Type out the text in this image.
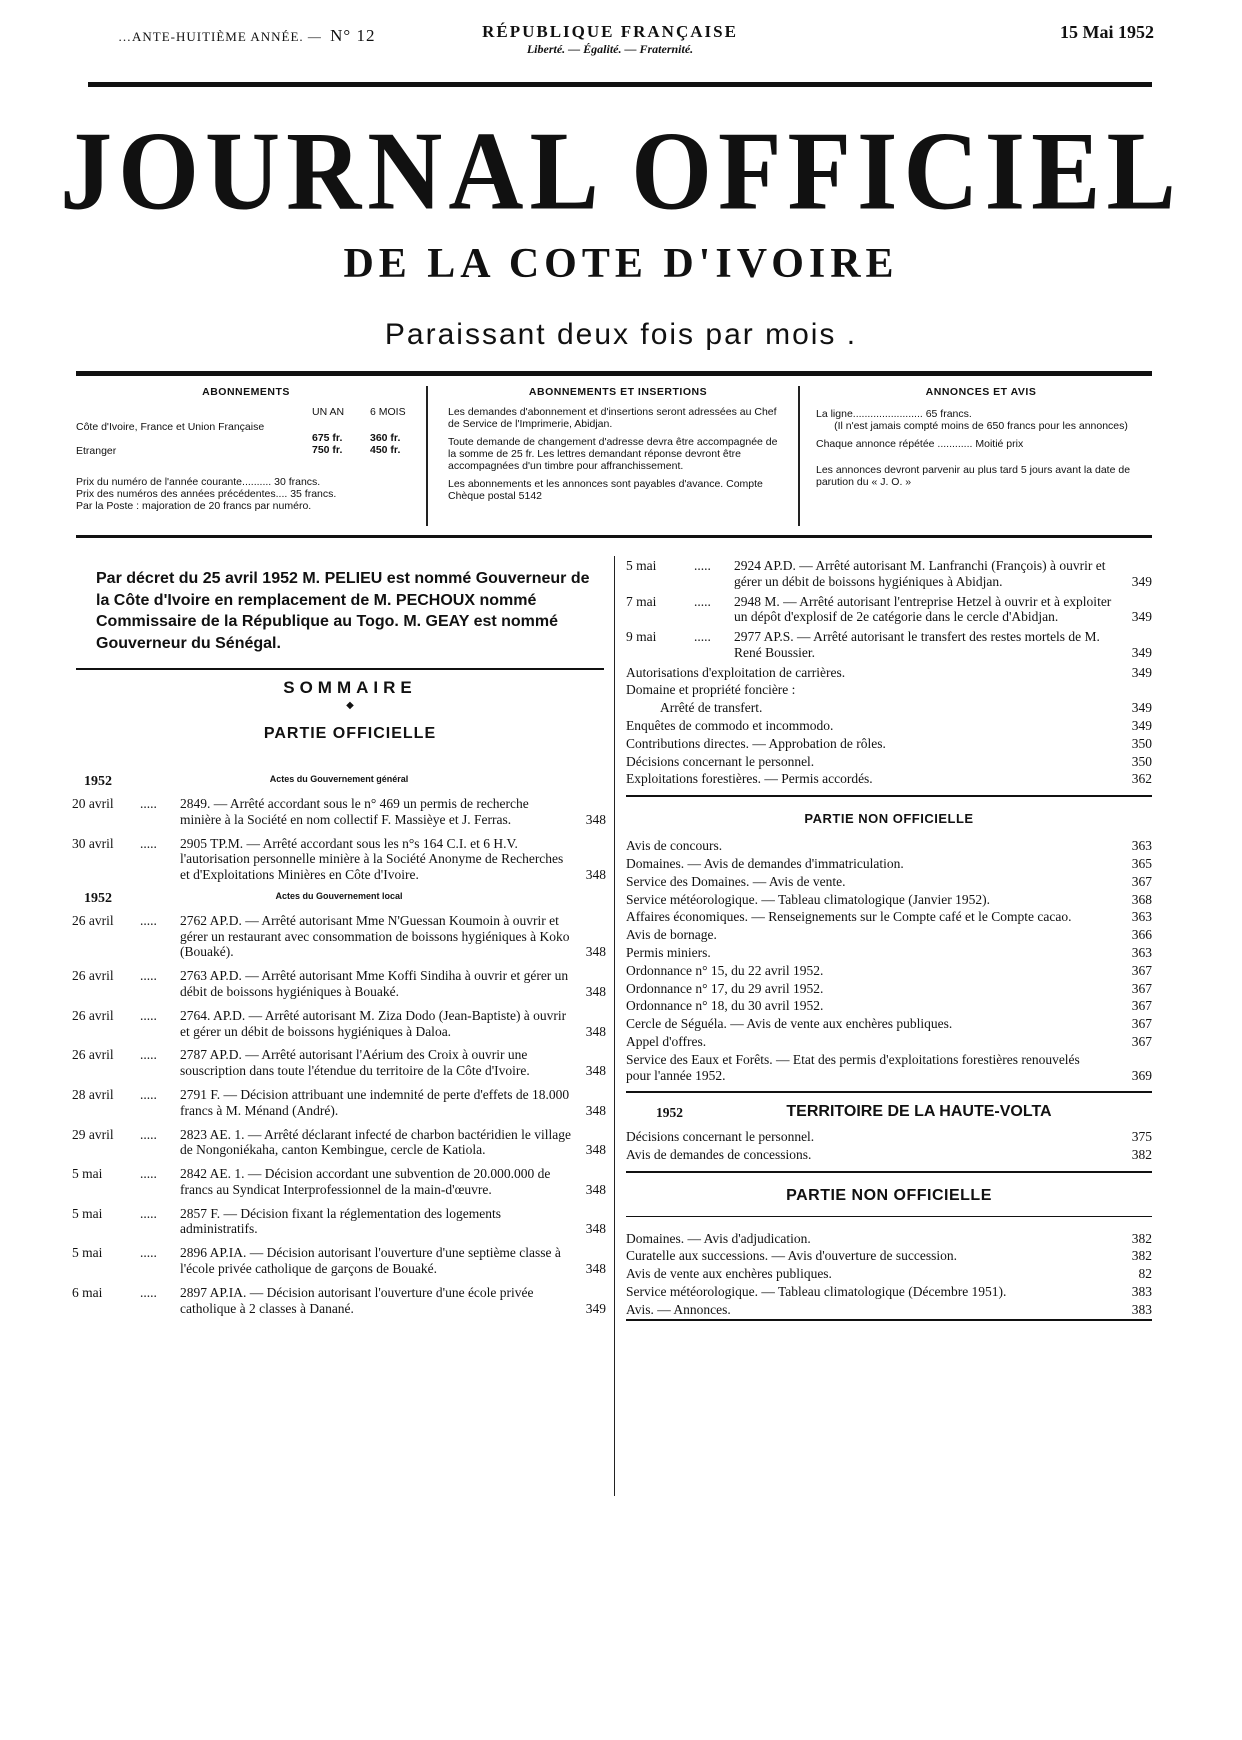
…ANTE-HUITIÈME ANNÉE. — N° 12	RÉPUBLIQUE FRANÇAISE
Liberté. — Égalité. — Fraternité.
15 Mai 1952
JOURNAL OFFICIEL
DE LA COTE D'IVOIRE
Paraissant deux fois par mois .
ABONNEMENTS
UN AN 6 MOIS
Côte d'Ivoire, France et Union Française
675 fr.	360 fr.
Etranger	750 fr.	450 fr.
Prix du numéro de l'année courante.......... 30 francs.
Prix des numéros des années précédentes.... 35 francs.
Par la Poste : majoration de 20 francs par numéro.
ABONNEMENTS ET INSERTIONS
Les demandes d'abonnement et d'insertions seront adressées au Chef de Service de l'Imprimerie, Abidjan.
Toute demande de changement d'adresse devra être accompagnée de la somme de 25 fr. Les lettres demandant réponse devront être accompagnées d'un timbre pour affranchissement.
Les abonnements et les annonces sont payables d'avance. Compte Chèque postal 5142
ANNONCES ET AVIS
La ligne........................ 65 francs.
(Il n'est jamais compté moins de 650 francs pour les annonces)
Chaque annonce répétée ............ Moitié prix
Les annonces devront parvenir au plus tard 5 jours avant la date de parution du « J. O. »
Par décret du 25 avril 1952 M. PELIEU est nommé Gouverneur de la Côte d'Ivoire en remplacement de M. PECHOUX nommé Commissaire de la République au Togo. M. GEAY est nommé Gouverneur du Sénégal.
SOMMAIRE
◆
PARTIE OFFICIELLE
1952	Actes du Gouvernement général
20 avril	..... 2849. — Arrêté accordant sous le n° 469 un permis de recherche minière à la Société en nom collectif F. Massièye et J. Ferras.	348
30 avril	..... 2905 TP.M. — Arrêté accordant sous les n°s 164 C.I. et 6 H.V. l'autorisation personnelle minière à la Société Anonyme de Recherches et d'Exploitations Minières en Côte d'Ivoire.	348
1952	Actes du Gouvernement local
26 avril	..... 2762 AP.D. — Arrêté autorisant Mme N'Guessan Koumoin à ouvrir et gérer un restaurant avec consommation de boissons hygiéniques à Koko (Bouaké).	348
26 avril	..... 2763 AP.D. — Arrêté autorisant Mme Koffi Sindiha à ouvrir et gérer un débit de boissons hygiéniques à Bouaké.	348
26 avril	..... 2764. AP.D. — Arrêté autorisant M. Ziza Dodo (Jean-Baptiste) à ouvrir et gérer un débit de boissons hygiéniques à Daloa.	348
26 avril	..... 2787 AP.D. — Arrêté autorisant l'Aérium des Croix à ouvrir une souscription dans toute l'étendue du territoire de la Côte d'Ivoire.	348
28 avril	..... 2791 F. — Décision attribuant une indemnité de perte d'effets de 18.000 francs à M. Ménand (André).	348
29 avril	..... 2823 AE. 1. — Arrêté déclarant infecté de charbon bactéridien le village de Nongoniékaha, canton Kembingue, cercle de Katiola.	348
5 mai	..... 2842 AE. 1. — Décision accordant une subvention de 20.000.000 de francs au Syndicat Interprofessionnel de la main-d'œuvre.	348
5 mai	..... 2857 F. — Décision fixant la réglementation des logements administratifs.	348
5 mai	..... 2896 AP.IA. — Décision autorisant l'ouverture d'une septième classe à l'école privée catholique de garçons de Bouaké.	348
6 mai	..... 2897 AP.IA. — Décision autorisant l'ouverture d'une école privée catholique à 2 classes à Danané.	349
5 mai	..... 2924 AP.D. — Arrêté autorisant M. Lanfranchi (François) à ouvrir et gérer un débit de boissons hygiéniques à Abidjan.	349
7 mai	..... 2948 M. — Arrêté autorisant l'entreprise Hetzel à ouvrir et à exploiter un dépôt d'explosif de 2e catégorie dans le cercle d'Abidjan.	349
9 mai	..... 2977 AP.S. — Arrêté autorisant le transfert des restes mortels de M. René Boussier.	349
Autorisations d'exploitation de carrières.	349
Domaine et propriété foncière :
Arrêté de transfert.	349
Enquêtes de commodo et incommodo.	349
Contributions directes. — Approbation de rôles.	350
Décisions concernant le personnel.	350
Exploitations forestières. — Permis accordés.	362
PARTIE NON OFFICIELLE
Avis de concours.	363
Domaines. — Avis de demandes d'immatriculation.	365
Service des Domaines. — Avis de vente.	367
Service météorologique. — Tableau climatologique (Janvier 1952).	368
Affaires économiques. — Renseignements sur le Compte café et le Compte cacao.	363
Avis de bornage.	366
Permis miniers.	363
Ordonnance n° 15, du 22 avril 1952.	367
Ordonnance n° 17, du 29 avril 1952.	367
Ordonnance n° 18, du 30 avril 1952.	367
Cercle de Séguéla. — Avis de vente aux enchères publiques.	367
Appel d'offres.	367
Service des Eaux et Forêts. — Etat des permis d'exploitations forestières renouvelés pour l'année 1952.	369
1952	TERRITOIRE DE LA HAUTE-VOLTA
Décisions concernant le personnel.	375
Avis de demandes de concessions.	382
PARTIE NON OFFICIELLE
Domaines. — Avis d'adjudication.	382
Curatelle aux successions. — Avis d'ouverture de succession.	382
Avis de vente aux enchères publiques.	82
Service météorologique. — Tableau climatologique (Décembre 1951).	383
Avis. — Annonces.	383
